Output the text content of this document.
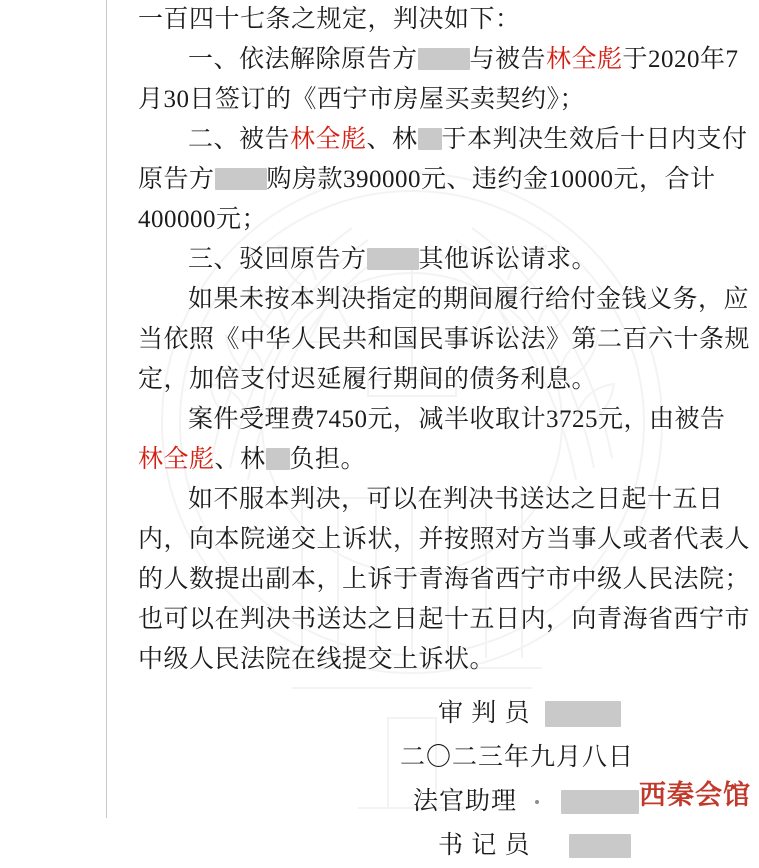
一百四十七条之规定，判决如下：

一、依法解除原告方 与被告林全彪于2020年7

月30日签订的《西宁市房屋买卖契约》；

二、被告林全彪、林 于本判决生效后十日内支付

原告方 购房款390000元、违约金10000元，合计

400000元；

三、驳回原告方 其他诉讼请求。

如果未按本判决指定的期间履行给付金钱义务，应

当依照《中华人民共和国民事诉讼法》第二百六十条规

定，加倍支付迟延履行期间的债务利息。

案件受理费7450元，减半收取计3725元，由被告

林全彪、林 负担。

如不服本判决，可以在判决书送达之日起十五日

内，向本院递交上诉状，并按照对方当事人或者代表人

的人数提出副本，上诉于青海省西宁市中级人民法院；

也可以在判决书送达之日起十五日内，向青海省西宁市

中级人民法院在线提交上诉状。

审 判 员

二〇二三年九月八日

法官助理

书 记 员

西秦会馆
